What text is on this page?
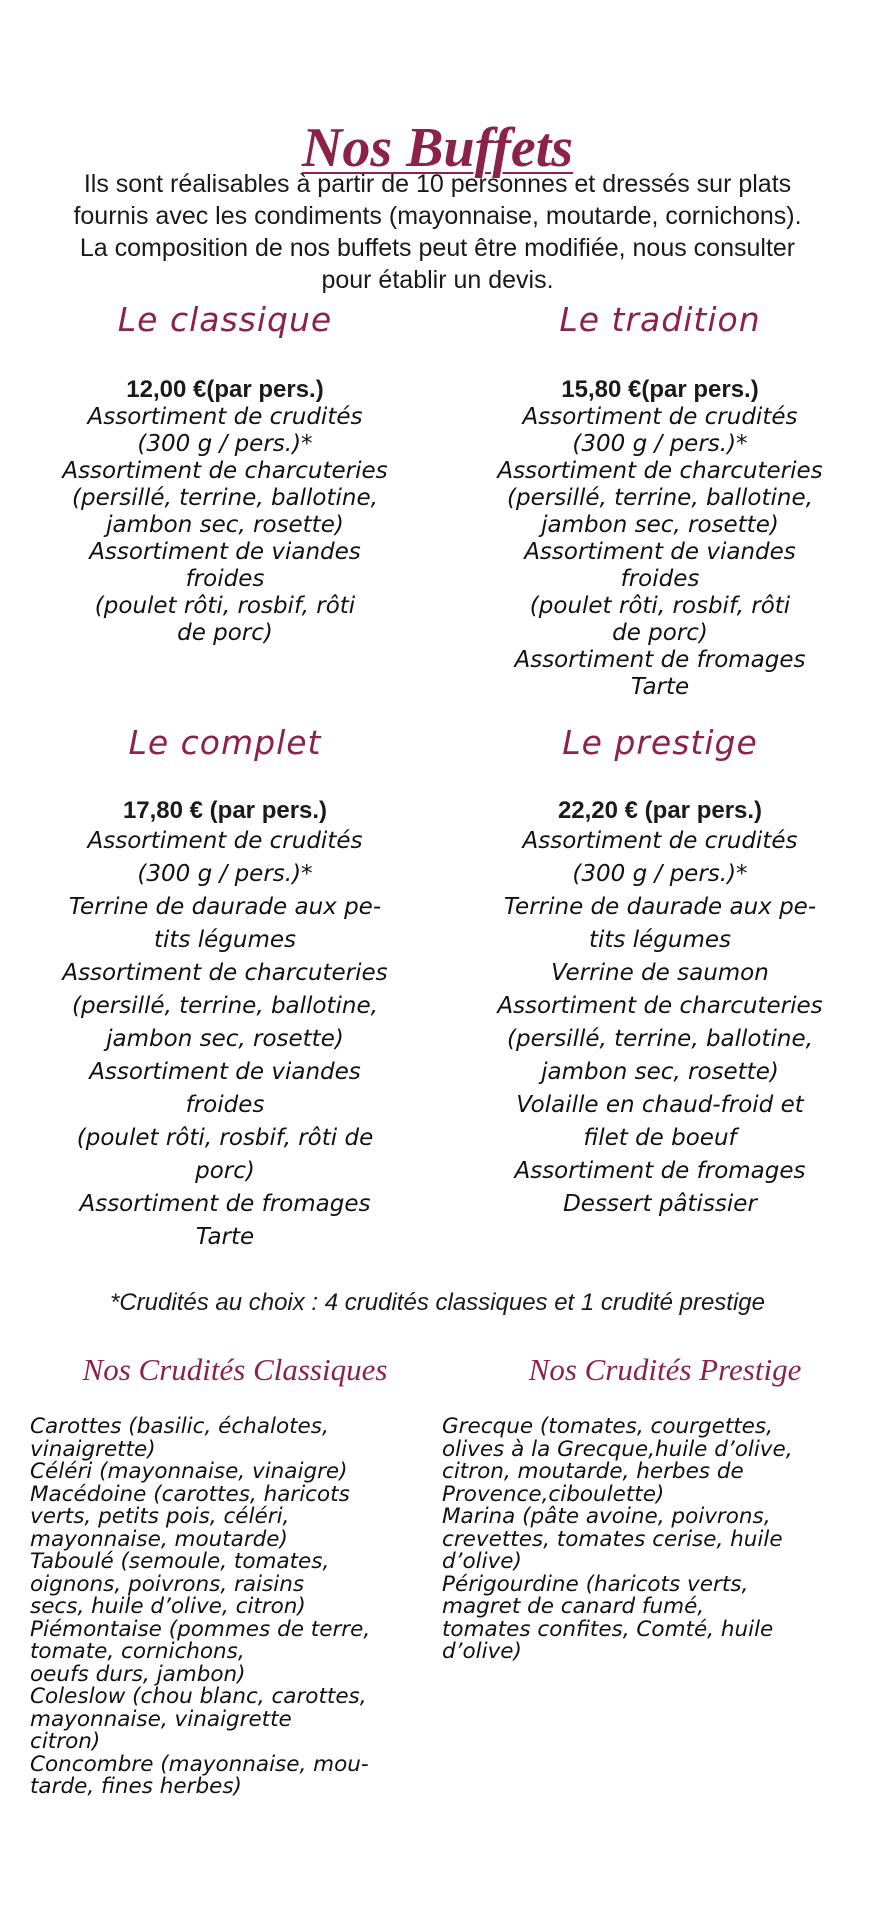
Nos Buffets
Ils sont réalisables à partir de 10 personnes et dressés sur plats
fournis avec les condiments (mayonnaise, moutarde, cornichons).
La composition de nos buffets peut être modifiée, nous consulter
pour établir un devis.
Le classique
12,00 €(par pers.)
Assortiment de crudités
(300 g / pers.)*
Assortiment de charcuteries
(persillé, terrine, ballotine,
jambon sec, rosette)
Assortiment de viandes
froides
(poulet rôti, rosbif, rôti
de porc)
Le tradition
15,80 €(par pers.)
Assortiment de crudités
(300 g / pers.)*
Assortiment de charcuteries
(persillé, terrine, ballotine,
jambon sec, rosette)
Assortiment de viandes
froides
(poulet rôti, rosbif, rôti
de porc)
Assortiment de fromages
Tarte
Le complet
17,80 € (par pers.)
Assortiment de crudités
(300 g / pers.)*
Terrine de daurade aux pe-
tits légumes
Assortiment de charcuteries
(persillé, terrine, ballotine,
jambon sec, rosette)
Assortiment de viandes
froides
(poulet rôti, rosbif, rôti de
porc)
Assortiment de fromages
Tarte
Le prestige
22,20 € (par pers.)
Assortiment de crudités
(300 g / pers.)*
Terrine de daurade aux pe-
tits légumes
Verrine de saumon
Assortiment de charcuteries
(persillé, terrine, ballotine,
jambon sec, rosette)
Volaille en chaud-froid et
filet de boeuf
Assortiment de fromages
Dessert pâtissier
*Crudités au choix : 4 crudités classiques et 1 crudité prestige
Nos Crudités Classiques	Nos Crudités Prestige
Carottes (basilic, échalotes,
vinaigrette)
Céléri (mayonnaise, vinaigre)
Macédoine (carottes, haricots
verts, petits pois, céléri,
mayonnaise, moutarde)
Taboulé (semoule, tomates,
oignons, poivrons, raisins
secs, huile d’olive, citron)
Piémontaise (pommes de terre,
tomate, cornichons,
oeufs durs, jambon)
Coleslow (chou blanc, carottes,
mayonnaise, vinaigrette
citron)
Concombre (mayonnaise, mou-
tarde, fines herbes)
Grecque (tomates, courgettes,
olives à la Grecque,huile d’olive,
citron, moutarde, herbes de
Provence,ciboulette)
Marina (pâte avoine, poivrons,
crevettes, tomates cerise, huile
d’olive)
Périgourdine (haricots verts,
magret de canard fumé,
tomates confites, Comté, huile
d’olive)
